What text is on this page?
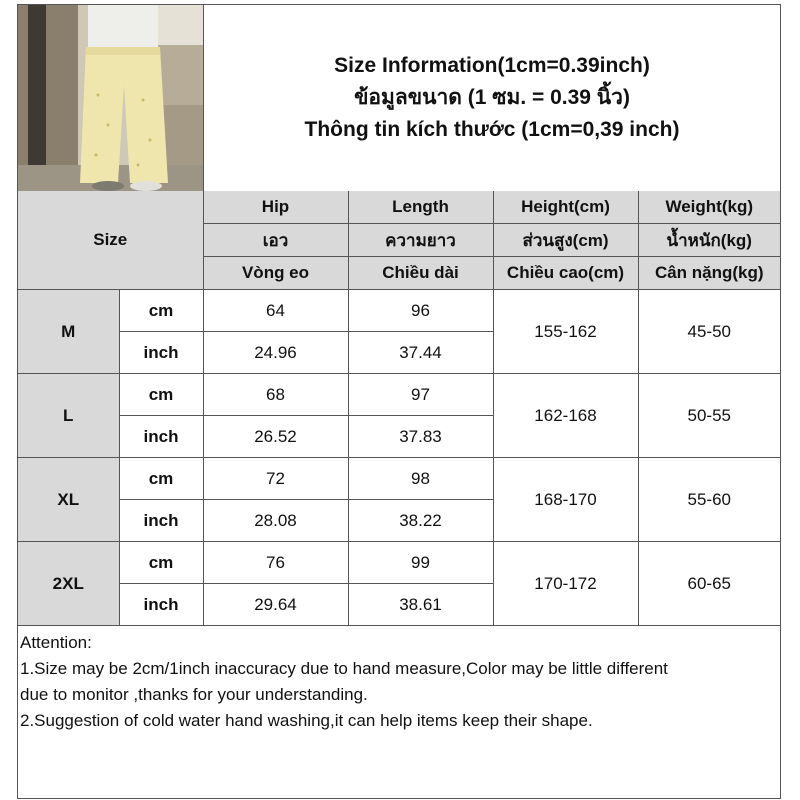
Size Information(1cm=0.39inch)
ข้อมูลขนาด (1 ซม. = 0.39 นิ้ว)
Thông tin kích thước (1cm=0,39 inch)
Size		Hip	Length	Height(cm)	Weight(kg)
		เอว	ความยาว	ส่วนสูง(cm)	น้ำหนัก(kg)
		Vòng eo	Chiều dài	Chiều cao(cm)	Cân nặng(kg)
M	cm	64	96	155-162	45-50
	inch	24.96	37.44		
L	cm	68	97	162-168	50-55
	inch	26.52	37.83		
XL	cm	72	98	168-170	55-60
	inch	28.08	38.22		
2XL	cm	76	99	170-172	60-65
	inch	29.64	38.61		
Attention:
1.Size may be 2cm/1inch inaccuracy due to hand measure,Color may be little different
due to monitor ,thanks for your understanding.
2.Suggestion of cold water hand washing,it can help items keep their shape.
